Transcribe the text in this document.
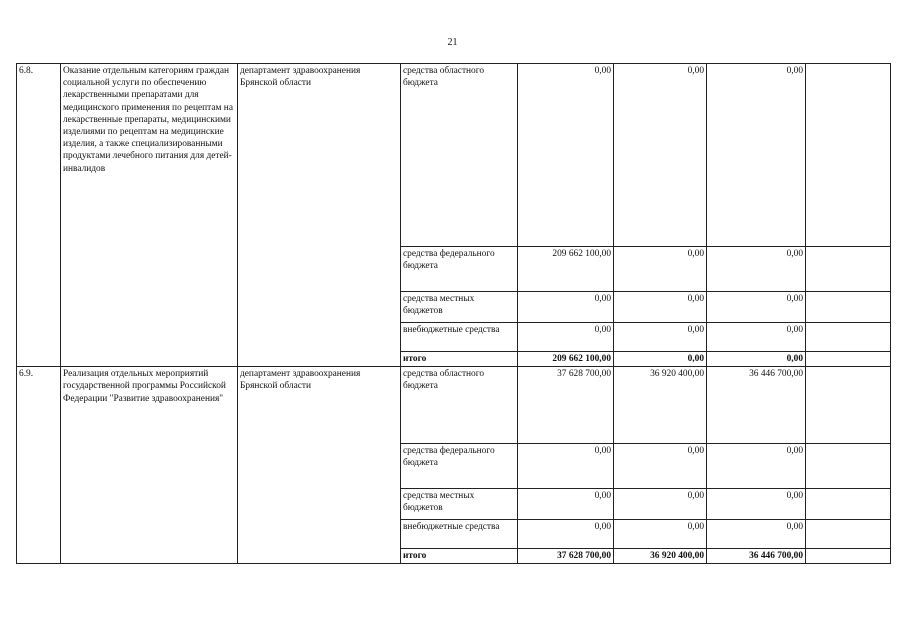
21
6.8.	Оказание отдельным категориям граждан социальной услуги по обеспечению лекарственными препаратами для медицинского применения по рецептам на лекарственные препараты, медицинскими изделиями по рецептам на медицинские изделия, а также специализированными продуктами лечебного питания для детей-инвалидов	департамент здравоохранения Брянской области	средства областного бюджета	0,00	0,00	0,00	
			средства федерального бюджета	209 662 100,00	0,00	0,00	
			средства местных бюджетов	0,00	0,00	0,00	
			внебюджетные средства	0,00	0,00	0,00	
			итого	209 662 100,00	0,00	0,00	
6.9.	Реализация отдельных мероприятий государственной программы Российской Федерации "Развитие здравоохранения"	департамент здравоохранения Брянской области	средства областного бюджета	37 628 700,00	36 920 400,00	36 446 700,00	
			средства федерального бюджета	0,00	0,00	0,00	
			средства местных бюджетов	0,00	0,00	0,00	
			внебюджетные средства	0,00	0,00	0,00	
			итого	37 628 700,00	36 920 400,00	36 446 700,00	
